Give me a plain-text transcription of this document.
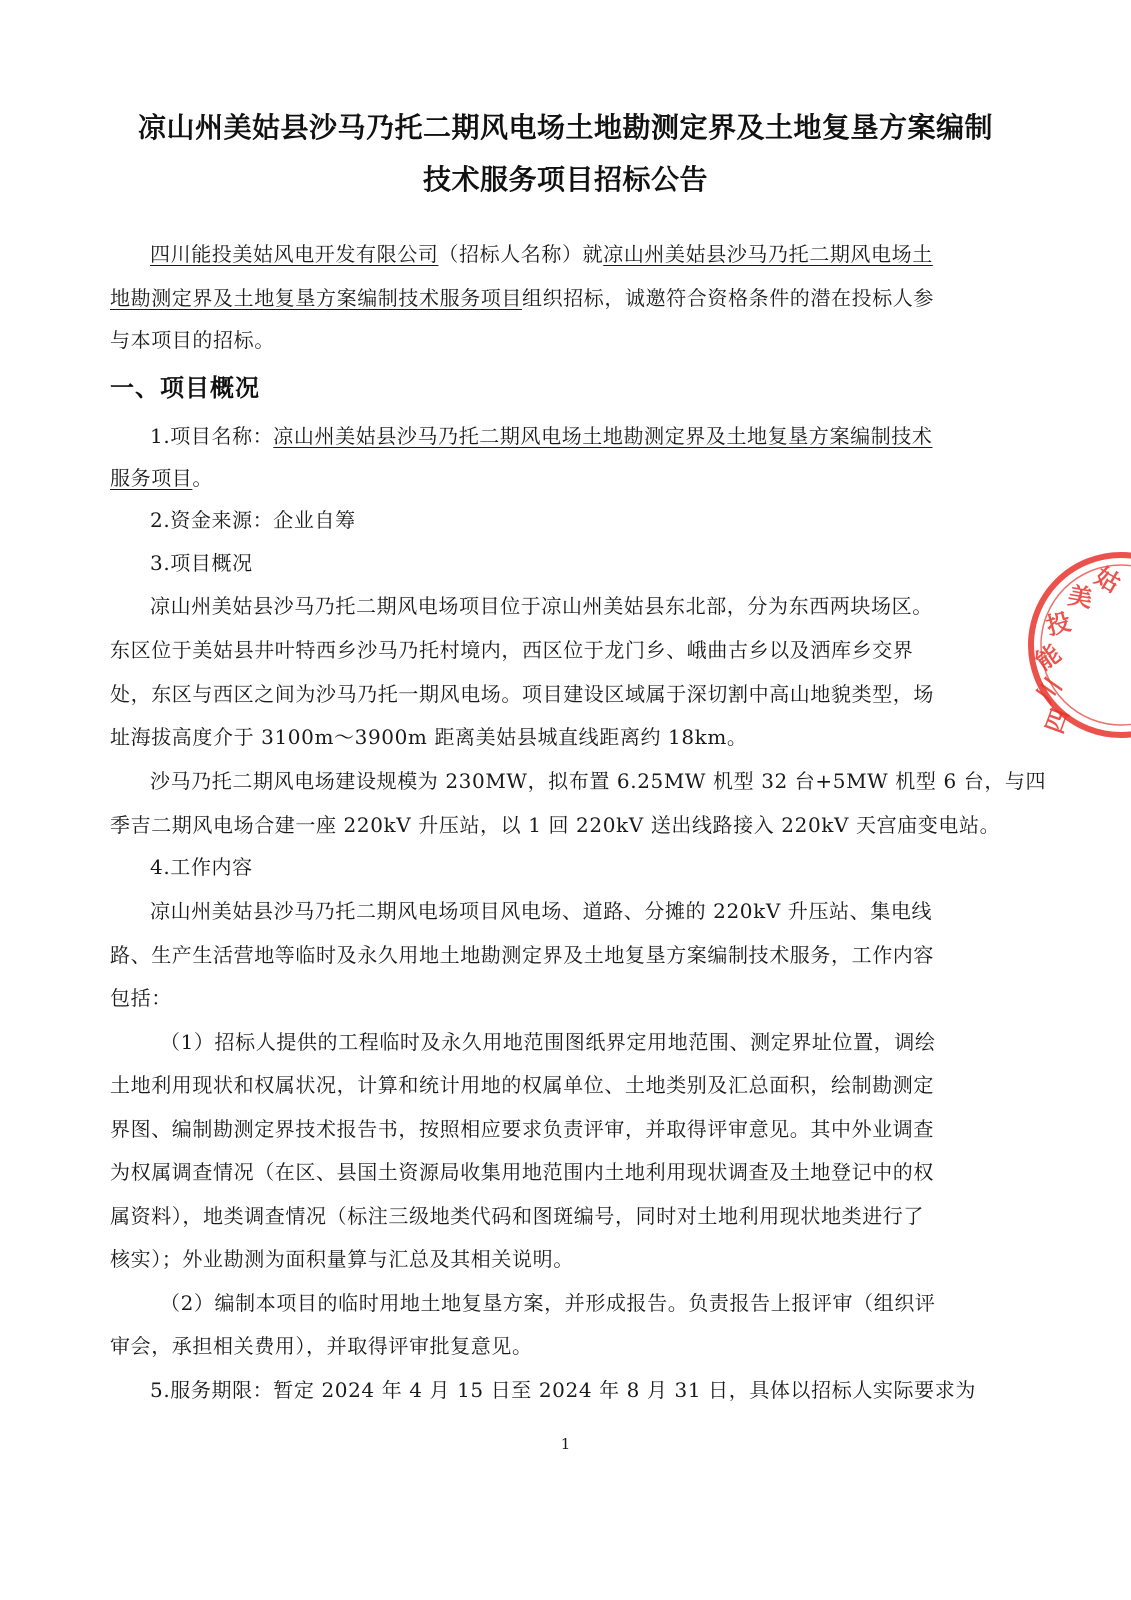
凉山州美姑县沙马乃托二期风电场土地勘测定界及土地复垦方案编制
技术服务项目招标公告
四川能投美姑风电开发有限公司（招标人名称）就凉山州美姑县沙马乃托二期风电场土
地勘测定界及土地复垦方案编制技术服务项目组织招标，诚邀符合资格条件的潜在投标人参
与本项目的招标。
一、项目概况
1.项目名称：凉山州美姑县沙马乃托二期风电场土地勘测定界及土地复垦方案编制技术
服务项目。
2.资金来源：企业自筹
3.项目概况
凉山州美姑县沙马乃托二期风电场项目位于凉山州美姑县东北部，分为东西两块场区。
东区位于美姑县井叶特西乡沙马乃托村境内，西区位于龙门乡、峨曲古乡以及洒库乡交界
处，东区与西区之间为沙马乃托一期风电场。项目建设区域属于深切割中高山地貌类型，场
址海拔高度介于 3100m～3900m 距离美姑县城直线距离约 18km。
沙马乃托二期风电场建设规模为 230MW，拟布置 6.25MW 机型 32 台+5MW 机型 6 台，与四
季吉二期风电场合建一座 220kV 升压站，以 1 回 220kV 送出线路接入 220kV 天宫庙变电站。
4.工作内容
凉山州美姑县沙马乃托二期风电场项目风电场、道路、分摊的 220kV 升压站、集电线
路、生产生活营地等临时及永久用地土地勘测定界及土地复垦方案编制技术服务，工作内容
包括：
（1）招标人提供的工程临时及永久用地范围图纸界定用地范围、测定界址位置，调绘
土地利用现状和权属状况，计算和统计用地的权属单位、土地类别及汇总面积，绘制勘测定
界图、编制勘测定界技术报告书，按照相应要求负责评审，并取得评审意见。其中外业调查
为权属调查情况（在区、县国土资源局收集用地范围内土地利用现状调查及土地登记中的权
属资料），地类调查情况（标注三级地类代码和图斑编号，同时对土地利用现状地类进行了
核实）；外业勘测为面积量算与汇总及其相关说明。
（2）编制本项目的临时用地土地复垦方案，并形成报告。负责报告上报评审（组织评
审会，承担相关费用），并取得评审批复意见。
5.服务期限：暂定 2024 年 4 月 15 日至 2024 年 8 月 31 日，具体以招标人实际要求为
1
四
川
能
投
美
姑
